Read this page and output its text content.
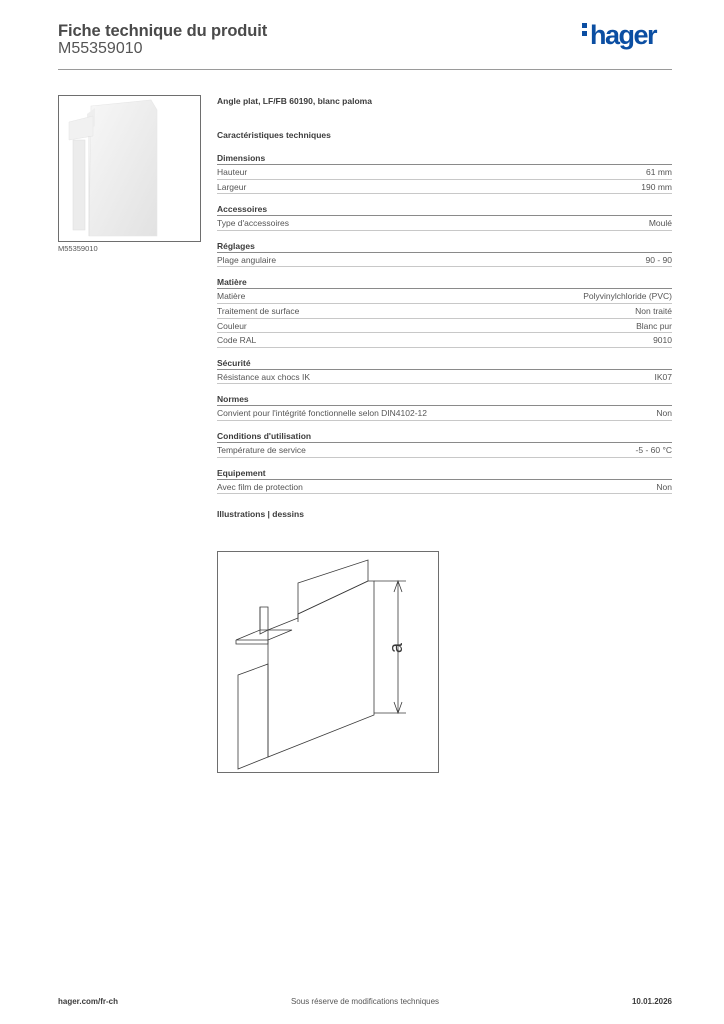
Fiche technique du produit
M55359010	hager
M55359010
Angle plat, LF/FB 60190, blanc paloma
Caractéristiques techniques
Dimensions
Hauteur	61 mm
Largeur	190 mm
Accessoires
Type d'accessoires	Moulé
Réglages
Plage angulaire	90 - 90
Matière
Matière	Polyvinylchloride (PVC)
Traitement de surface	Non traité
Couleur	Blanc pur
Code RAL	9010
Sécurité
Résistance aux chocs IK	IK07
Normes
Convient pour l'intégrité fonctionnelle selon DIN4102-12	Non
Conditions d'utilisation
Température de service	-5 - 60 °C
Equipement
Avec film de protection	Non
Illustrations | dessins
a
hager.com/fr-ch	Sous réserve de modifications techniques	10.01.2026
